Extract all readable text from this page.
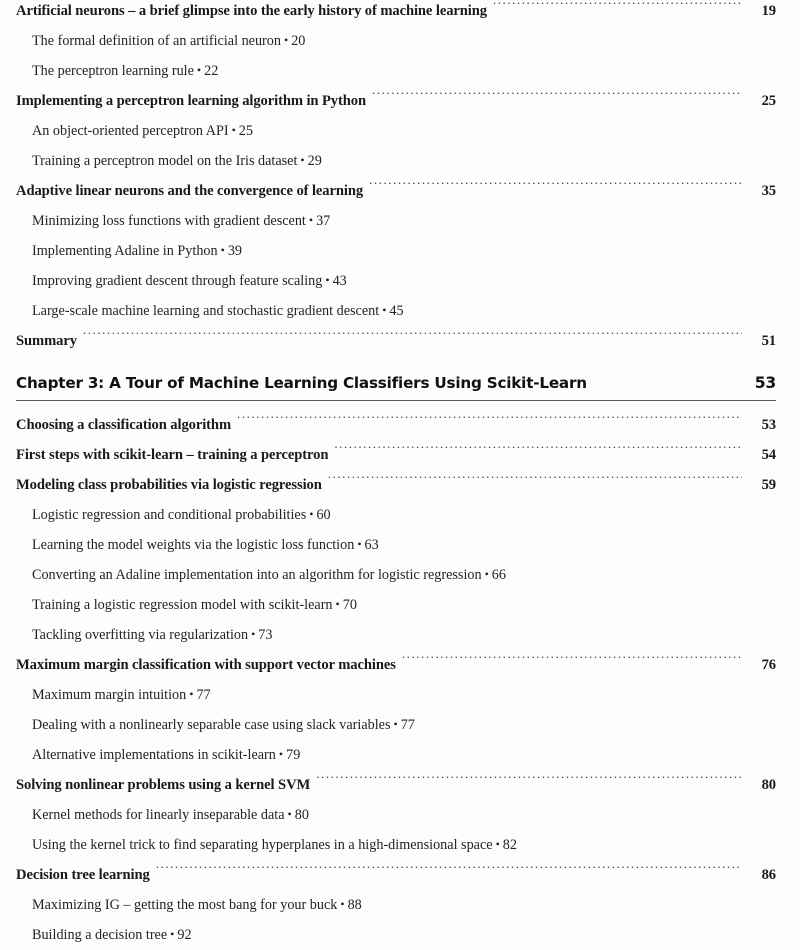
Artificial neurons – a brief glimpse into the early history of machine learning .....	19
The formal definition of an artificial neuron • 20
The perceptron learning rule • 22
Implementing a perceptron learning algorithm in Python .....	25
An object-oriented perceptron API • 25
Training a perceptron model on the Iris dataset • 29
Adaptive linear neurons and the convergence of learning .....	35
Minimizing loss functions with gradient descent • 37
Implementing Adaline in Python • 39
Improving gradient descent through feature scaling • 43
Large-scale machine learning and stochastic gradient descent • 45
Summary .....	51
Chapter 3: A Tour of Machine Learning Classifiers Using Scikit-Learn	53
Choosing a classification algorithm .....	53
First steps with scikit-learn – training a perceptron .....	54
Modeling class probabilities via logistic regression .....	59
Logistic regression and conditional probabilities • 60
Learning the model weights via the logistic loss function • 63
Converting an Adaline implementation into an algorithm for logistic regression • 66
Training a logistic regression model with scikit-learn • 70
Tackling overfitting via regularization • 73
Maximum margin classification with support vector machines .....	76
Maximum margin intuition • 77
Dealing with a nonlinearly separable case using slack variables • 77
Alternative implementations in scikit-learn • 79
Solving nonlinear problems using a kernel SVM .....	80
Kernel methods for linearly inseparable data • 80
Using the kernel trick to find separating hyperplanes in a high-dimensional space • 82
Decision tree learning .....	86
Maximizing IG – getting the most bang for your buck • 88
Building a decision tree • 92
